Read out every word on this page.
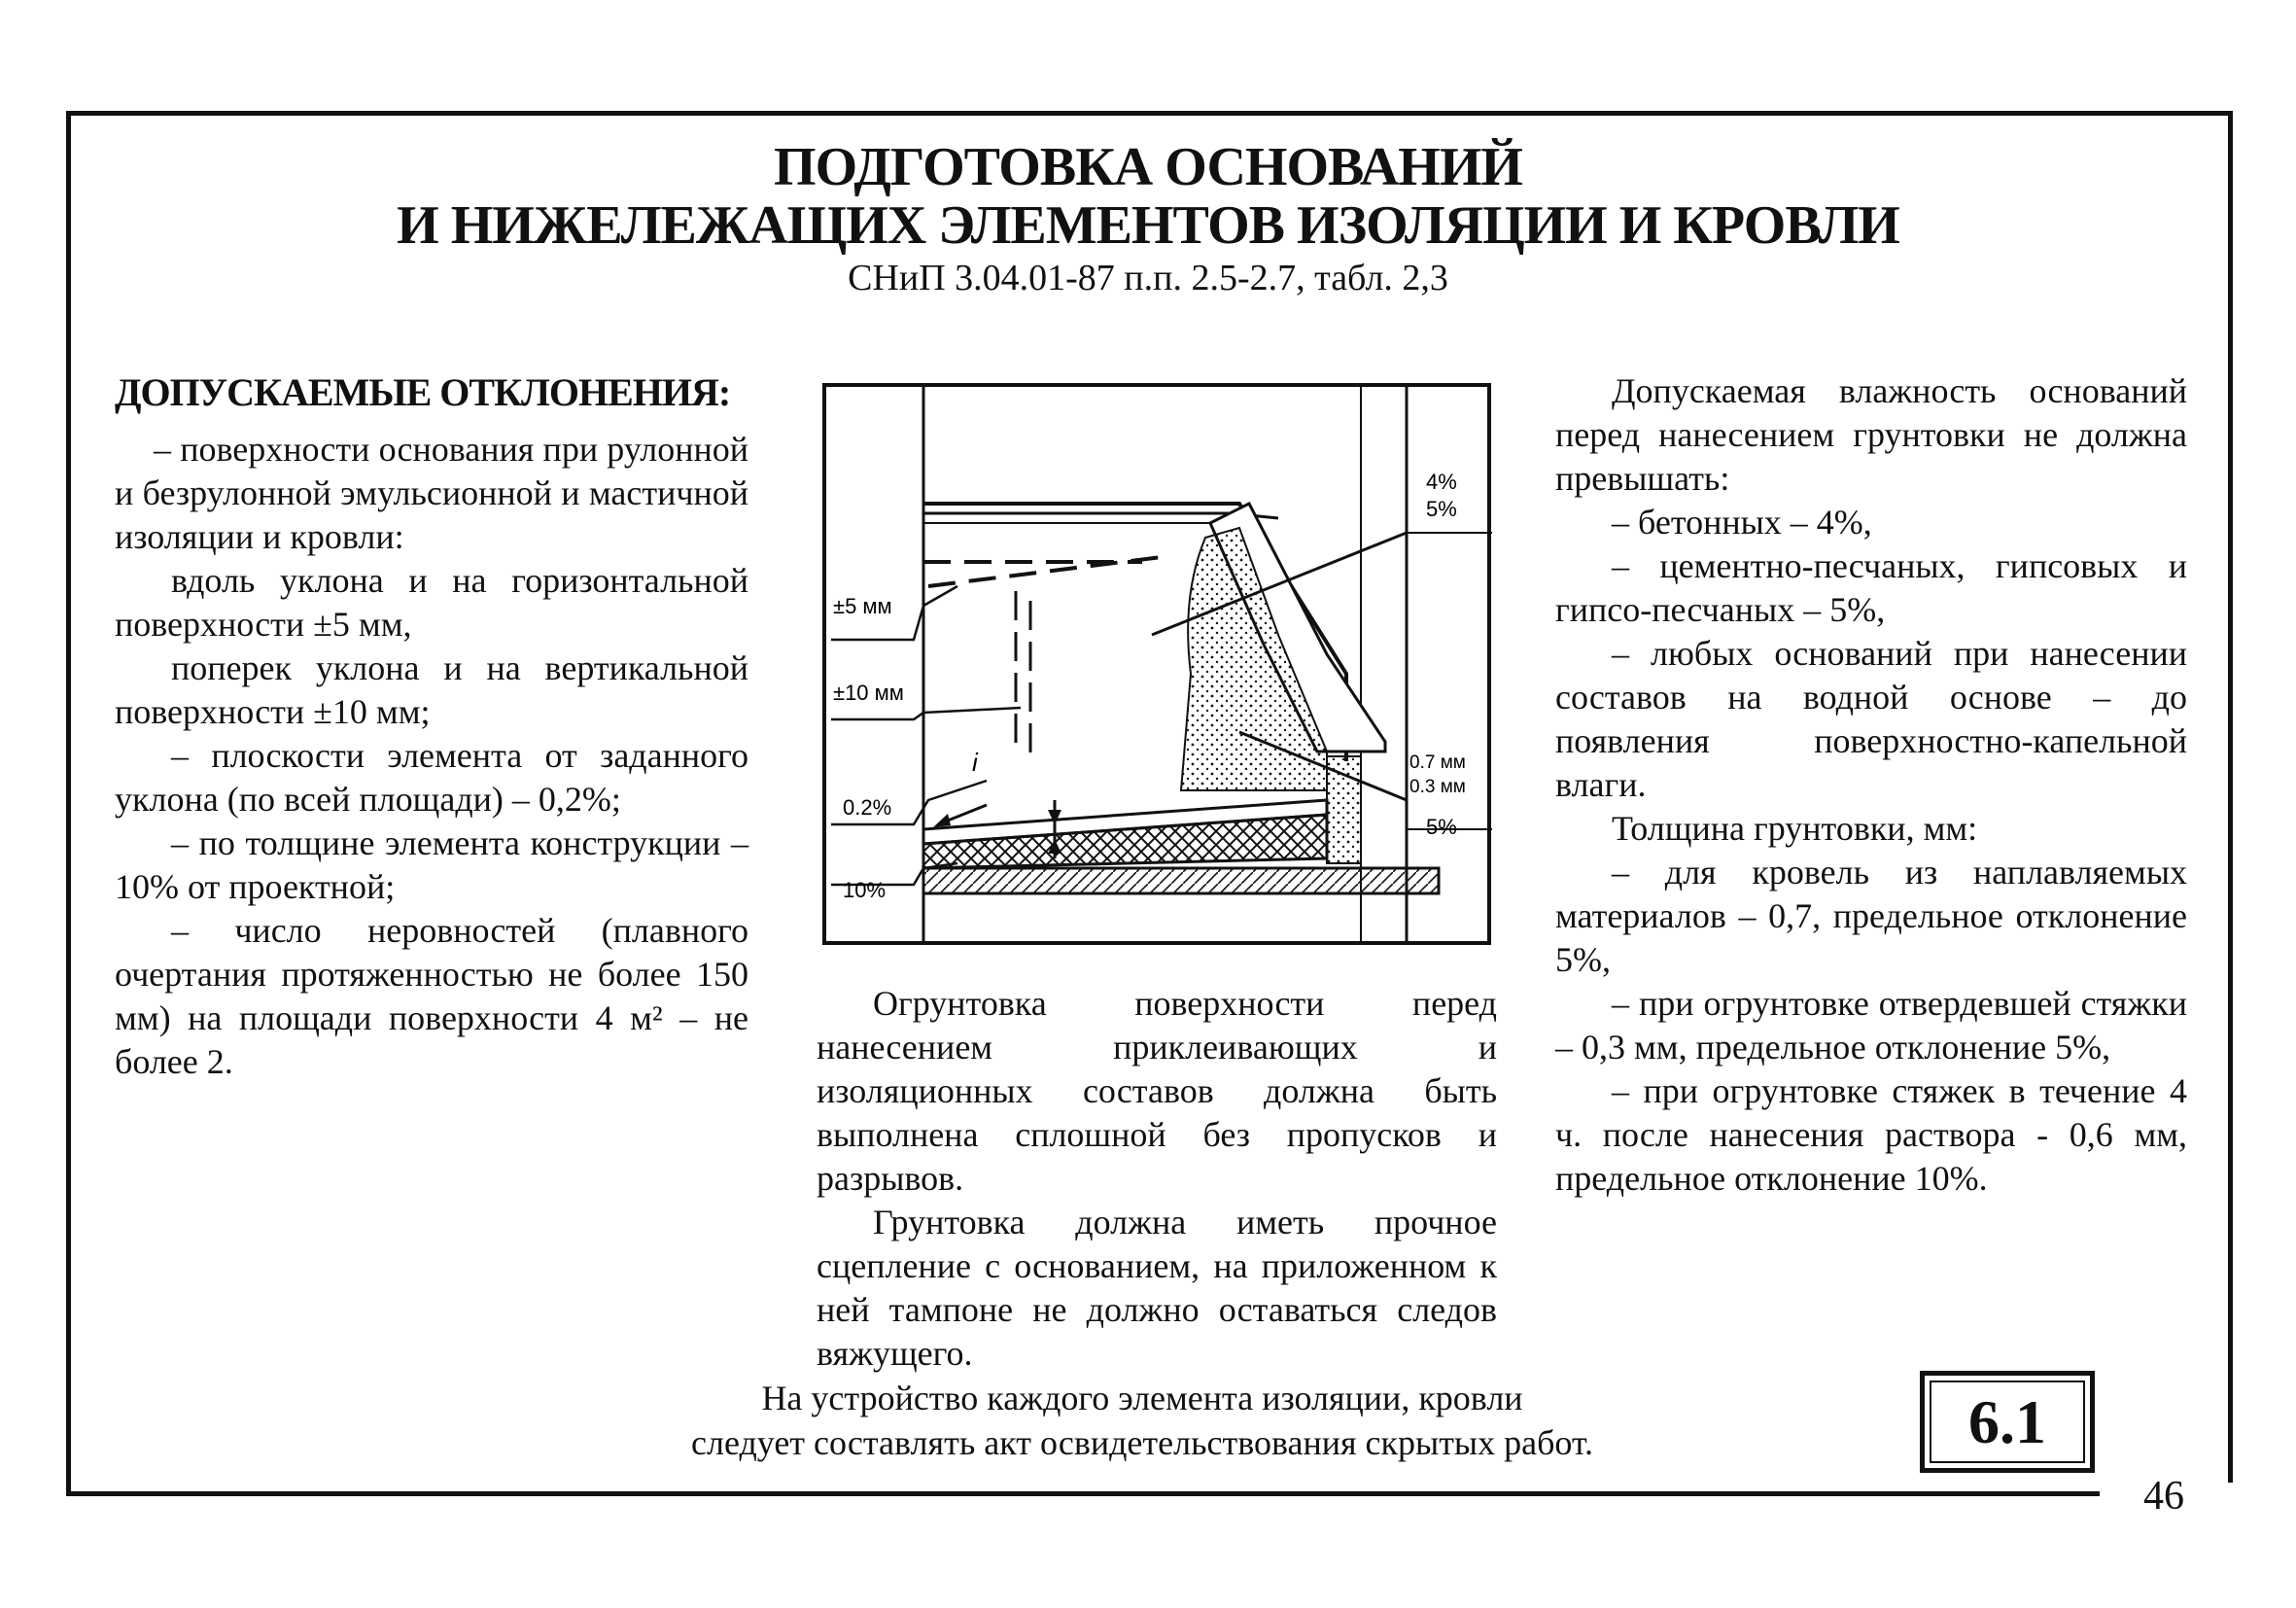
ПОДГОТОВКА ОСНОВАНИЙ
И НИЖЕЛЕЖАЩИХ ЭЛЕМЕНТОВ ИЗОЛЯЦИИ И КРОВЛИ
СНиП 3.04.01-87 п.п. 2.5-2.7, табл. 2,3
ДОПУСКАЕМЫЕ ОТКЛОНЕНИЯ:

– поверхности основания при рулонной и безрулонной эмульсионной и мастичной изоляции и кровли:

вдоль уклона и на горизонтальной поверхности ±5 мм,

поперек уклона и на вертикальной поверхности ±10 мм;

– плоскости элемента от заданного уклона (по всей площади) – 0,2%;

– по толщине элемента конструкции – 10% от проектной;

– число неровностей (плавного очертания протяженностью не более 150 мм) на площади поверхности 4 м² – не более 2.

±5 мм
±10 мм
0.2%
10%
i
4%
5%
0.7 мм
0.3 мм
5%

Огрунтовка поверхности перед нанесением приклеивающих и изоляционных составов должна быть выполнена сплошной без пропусков и разрывов.

Грунтовка должна иметь прочное сцепление с основанием, на приложенном к ней тампоне не должно оставаться следов вяжущего.

Допускаемая влажность оснований перед нанесением грунтовки не должна превышать:

– бетонных – 4%,

– цементно-песчаных, гипсовых и гипсо-песчаных – 5%,

– любых оснований при нанесении составов на водной основе – до появления поверхностно-капельной влаги.

Толщина грунтовки, мм:

– для кровель из наплавляемых материалов – 0,7, предельное отклонение 5%,

– при огрунтовке отвердевшей стяжки – 0,3 мм, предельное отклонение 5%,

– при огрунтовке стяжек в течение 4 ч. после нанесения раствора - 0,6 мм, предельное отклонение 10%.

На устройство каждого элемента изоляции, кровли
следует составлять акт освидетельствования скрытых работ.	6.1
46
